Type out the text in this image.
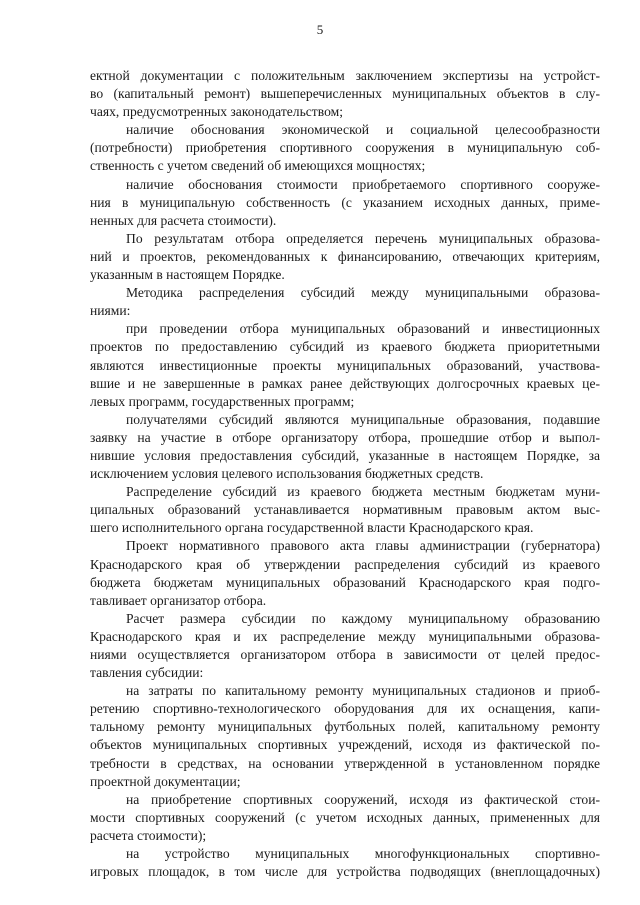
5
ектной документации с положительным заключением экспертизы на устройст-
во (капитальный ремонт) вышеперечисленных муниципальных объектов в слу-
чаях, предусмотренных законодательством;
наличие обоснования экономической и социальной целесообразности
(потребности) приобретения спортивного сооружения в муниципальную соб-
ственность с учетом сведений об имеющихся мощностях;
наличие обоснования стоимости приобретаемого спортивного сооруже-
ния в муниципальную собственность (с указанием исходных данных, приме-
ненных для расчета стоимости).
По результатам отбора определяется перечень муниципальных образова-
ний и проектов, рекомендованных к финансированию, отвечающих критериям,
указанным в настоящем Порядке.
Методика распределения субсидий между муниципальными образова-
ниями:
при проведении отбора муниципальных образований и инвестиционных
проектов по предоставлению субсидий из краевого бюджета приоритетными
являются инвестиционные проекты муниципальных образований, участвова-
вшие и не завершенные в рамках ранее действующих долгосрочных краевых це-
левых программ, государственных программ;
получателями субсидий являются муниципальные образования, подавшие
заявку на участие в отборе организатору отбора, прошедшие отбор и выпол-
нившие условия предоставления субсидий, указанные в настоящем Порядке, за
исключением условия целевого использования бюджетных средств.
Распределение субсидий из краевого бюджета местным бюджетам муни-
ципальных образований устанавливается нормативным правовым актом выс-
шего исполнительного органа государственной власти Краснодарского края.
Проект нормативного правового акта главы администрации (губернатора)
Краснодарского края об утверждении распределения субсидий из краевого
бюджета бюджетам муниципальных образований Краснодарского края подго-
тавливает организатор отбора.
Расчет размера субсидии по каждому муниципальному образованию
Краснодарского края и их распределение между муниципальными образова-
ниями осуществляется организатором отбора в зависимости от целей предос-
тавления субсидии:
на затраты по капитальному ремонту муниципальных стадионов и приоб-
ретению спортивно-технологического оборудования для их оснащения, капи-
тальному ремонту муниципальных футбольных полей, капитальному ремонту
объектов муниципальных спортивных учреждений, исходя из фактической по-
требности в средствах, на основании утвержденной в установленном порядке
проектной документации;
на приобретение спортивных сооружений, исходя из фактической стои-
мости спортивных сооружений (с учетом исходных данных, примененных для
расчета стоимости);
на устройство муниципальных многофункциональных спортивно-
игровых площадок, в том числе для устройства подводящих (внеплощадочных)
